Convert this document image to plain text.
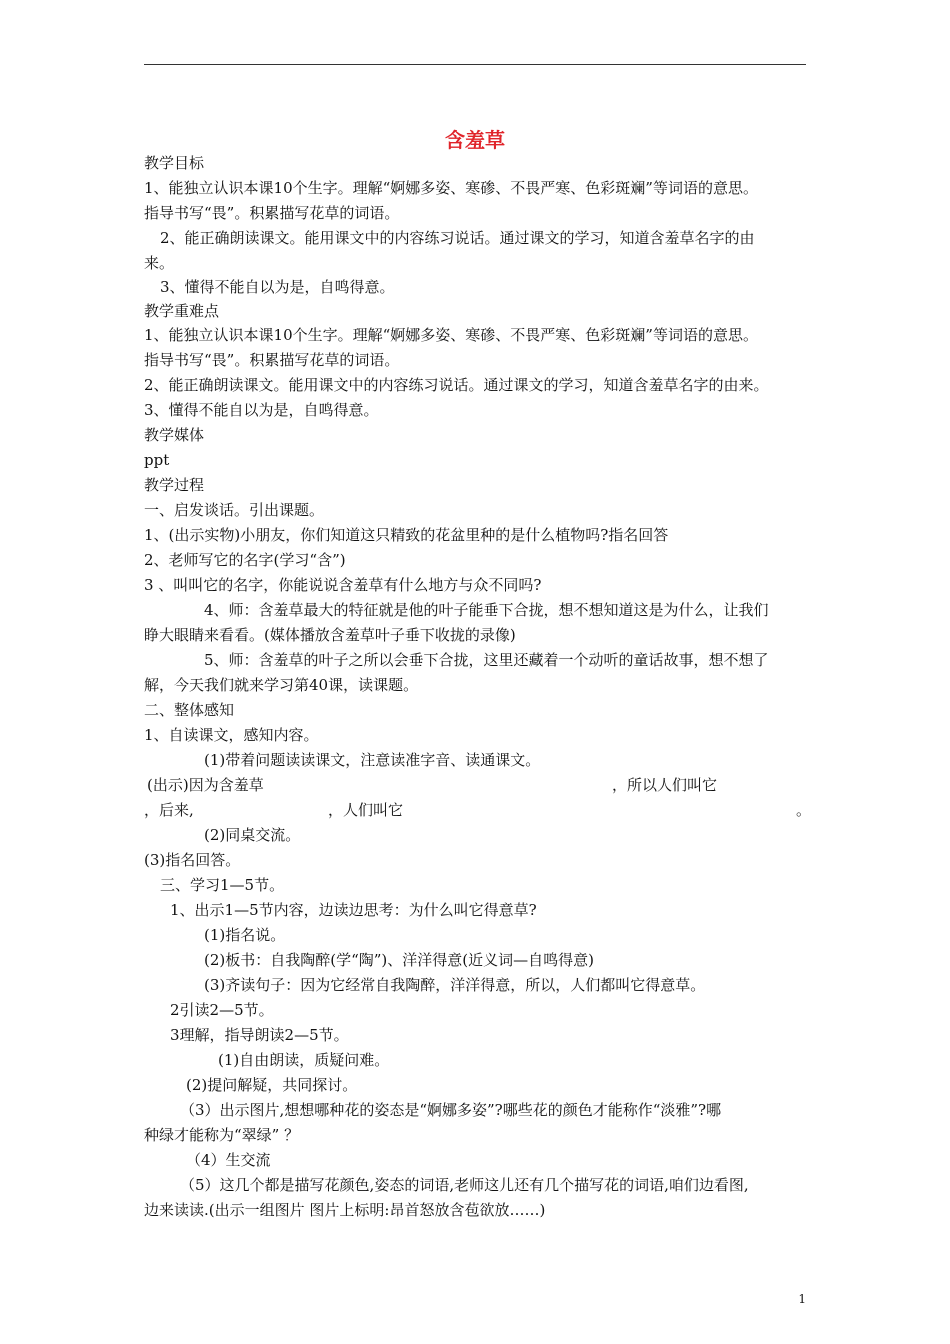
含羞草
教学目标
1、能独立认识本课10个生字。理解“婀娜多姿、寒碜、不畏严寒、色彩斑斓”等词语的意思。
指导书写“畏”。积累描写花草的词语。
2、能正确朗读课文。能用课文中的内容练习说话。通过课文的学习，知道含羞草名字的由
来。
3、懂得不能自以为是，自鸣得意。
教学重难点
1、能独立认识本课10个生字。理解“婀娜多姿、寒碜、不畏严寒、色彩斑斓”等词语的意思。
指导书写“畏”。积累描写花草的词语。
2、能正确朗读课文。能用课文中的内容练习说话。通过课文的学习，知道含羞草名字的由来。
3、懂得不能自以为是，自鸣得意。
教学媒体
ppt
教学过程
一、启发谈话。引出课题。
1、(出示实物)小朋友，你们知道这只精致的花盆里种的是什么植物吗?指名回答
2、老师写它的名字(学习“含”)
3 、叫叫它的名字，你能说说含羞草有什么地方与众不同吗?
4、师：含羞草最大的特征就是他的叶子能垂下合拢，想不想知道这是为什么，让我们
睁大眼睛来看看。(媒体播放含羞草叶子垂下收拢的录像)
5、师：含羞草的叶子之所以会垂下合拢，这里还藏着一个动听的童话故事，想不想了
解，今天我们就来学习第40课，读课题。
二、整体感知
1、自读课文，感知内容。
(1)带着问题读读课文，注意读准字音、读通课文。
(出示)因为含羞草	，所以人们叫它
，后来,	，人们叫它	。
(2)同桌交流。
(3)指名回答。
三、学习1—5节。
1、出示1—5节内容，边读边思考：为什么叫它得意草?
(1)指名说。
(2)板书：自我陶醉(学“陶”)、洋洋得意(近义词—自鸣得意)
(3)齐读句子：因为它经常自我陶醉，洋洋得意，所以，人们都叫它得意草。
2引读2—5节。
3理解，指导朗读2—5节。
(1)自由朗读，质疑问难。
(2)提问解疑，共同探讨。
（3）出示图片,想想哪种花的姿态是“婀娜多姿”?哪些花的颜色才能称作“淡雅”?哪
种绿才能称为“翠绿” ？
（4）生交流
（5）这几个都是描写花颜色,姿态的词语,老师这儿还有几个描写花的词语,咱们边看图,
边来读读.(出示一组图片 图片上标明:昂首怒放含苞欲放……)
1
